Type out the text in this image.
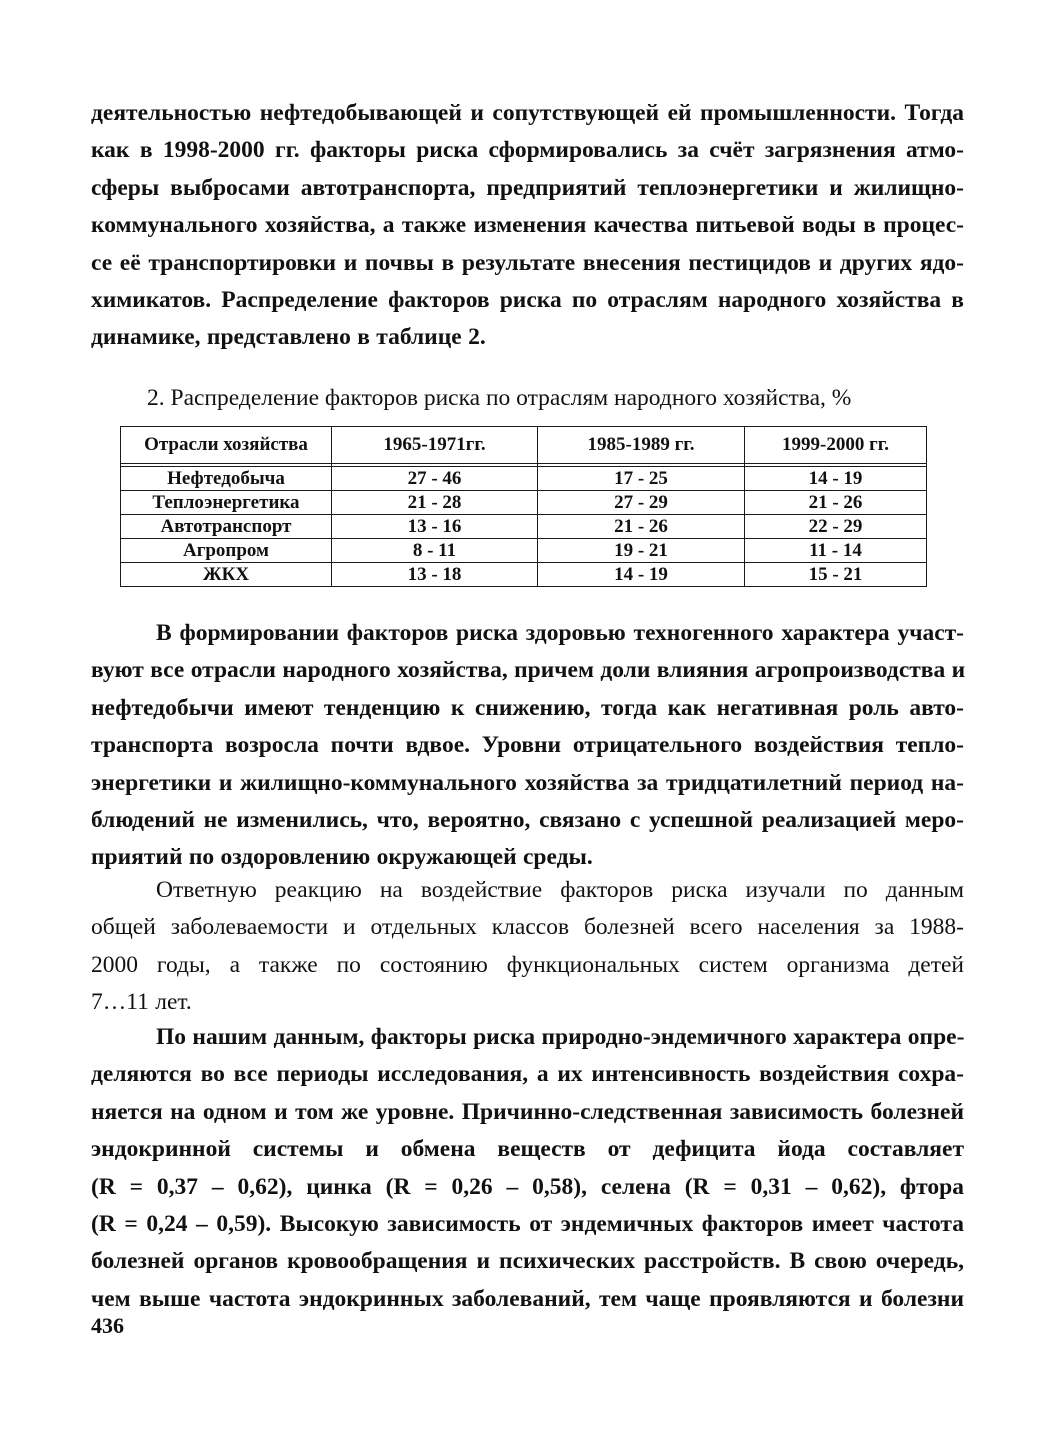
деятельностью нефтедобывающей и сопутствующей ей промышленности. Тогда
как в 1998-2000 гг. факторы риска сформировались за счёт загрязнения атмо-
сферы выбросами автотранспорта, предприятий теплоэнергетики и жилищно-
коммунального хозяйства, а также изменения качества питьевой воды в процес-
се её транспортировки и почвы в результате внесения пестицидов и других ядо-
химикатов. Распределение факторов риска по отраслям народного хозяйства в
динамике, представлено в таблице 2.

2. Распределение факторов риска по отраслям народного хозяйства, %

Отрасли хозяйства	1965-1971гг.	1985-1989 гг.	1999-2000 гг.

Нефтедобыча	27 - 46	17 - 25	14 - 19
Теплоэнергетика	21 - 28	27 - 29	21 - 26
Автотранспорт	13 - 16	21 - 26	22 - 29
Агропром	8 - 11	19 - 21	11 - 14
ЖКХ	13 - 18	14 - 19	15 - 21

В формировании факторов риска здоровью техногенного характера участ-
вуют все отрасли народного хозяйства, причем доли влияния агропроизводства и
нефтедобычи имеют тенденцию к снижению, тогда как негативная роль авто-
транспорта возросла почти вдвое. Уровни отрицательного воздействия тепло-
энергетики и жилищно-коммунального хозяйства за тридцатилетний период на-
блюдений не изменились, что, вероятно, связано с успешной реализацией меро-
приятий по оздоровлению окружающей среды.

Ответную реакцию на воздействие факторов риска изучали по данным
общей заболеваемости и отдельных классов болезней всего населения за 1988-
2000 годы, а также по состоянию функциональных систем организма детей
7…11 лет.

По нашим данным, факторы риска природно-эндемичного характера опре-
деляются во все периоды исследования, а их интенсивность воздействия сохра-
няется на одном и том же уровне. Причинно-следственная зависимость болезней
эндокринной системы и обмена веществ от дефицита йода составляет
(R = 0,37 – 0,62), цинка (R = 0,26 – 0,58), селена (R = 0,31 – 0,62), фтора
(R = 0,24 – 0,59). Высокую зависимость от эндемичных факторов имеет частота
болезней органов кровообращения и психических расстройств. В свою очередь,
чем выше частота эндокринных заболеваний, тем чаще проявляются и болезни

436
